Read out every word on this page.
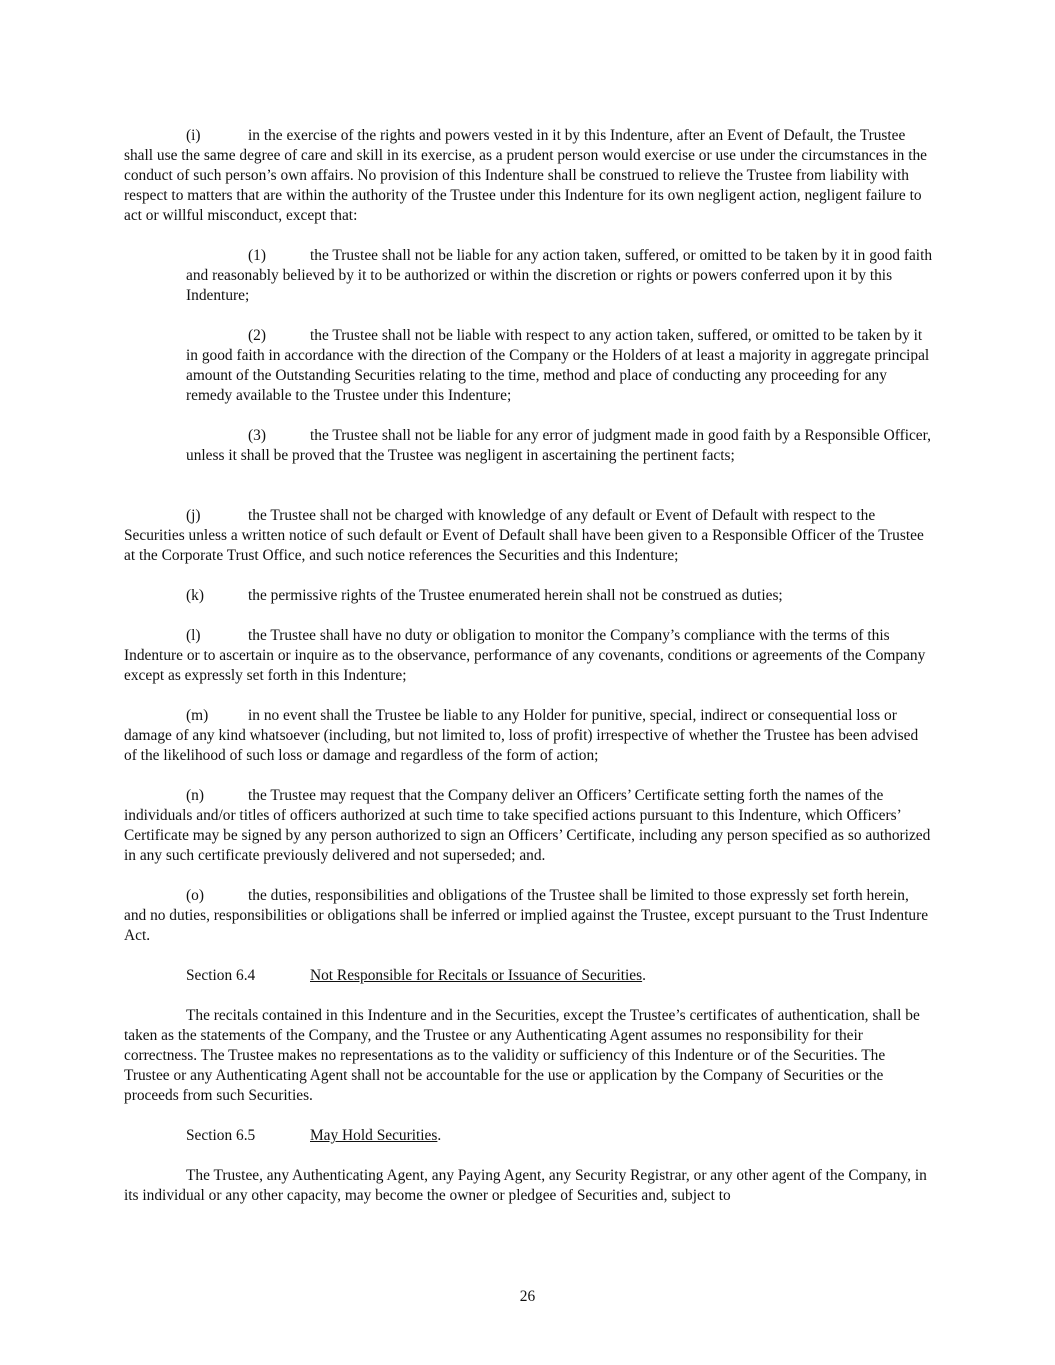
(i)	in the exercise of the rights and powers vested in it by this Indenture, after an Event of Default, the Trustee shall use the same degree of care and skill in its exercise, as a prudent person would exercise or use under the circumstances in the conduct of such person’s own affairs. No provision of this Indenture shall be construed to relieve the Trustee from liability with respect to matters that are within the authority of the Trustee under this Indenture for its own negligent action, negligent failure to act or willful misconduct, except that:

(1)	the Trustee shall not be liable for any action taken, suffered, or omitted to be taken by it in good faith and reasonably believed by it to be authorized or within the discretion or rights or powers conferred upon it by this Indenture;

(2)	the Trustee shall not be liable with respect to any action taken, suffered, or omitted to be taken by it in good faith in accordance with the direction of the Company or the Holders of at least a majority in aggregate principal amount of the Outstanding Securities relating to the time, method and place of conducting any proceeding for any remedy available to the Trustee under this Indenture;

(3)	the Trustee shall not be liable for any error of judgment made in good faith by a Responsible Officer, unless it shall be proved that the Trustee was negligent in ascertaining the pertinent facts;

(j)	the Trustee shall not be charged with knowledge of any default or Event of Default with respect to the Securities unless a written notice of such default or Event of Default shall have been given to a Responsible Officer of the Trustee at the Corporate Trust Office, and such notice references the Securities and this Indenture;

(k)	the permissive rights of the Trustee enumerated herein shall not be construed as duties;

(l)	the Trustee shall have no duty or obligation to monitor the Company’s compliance with the terms of this Indenture or to ascertain or inquire as to the observance, performance of any covenants, conditions or agreements of the Company except as expressly set forth in this Indenture;

(m)	in no event shall the Trustee be liable to any Holder for punitive, special, indirect or consequential loss or damage of any kind whatsoever (including, but not limited to, loss of profit) irrespective of whether the Trustee has been advised of the likelihood of such loss or damage and regardless of the form of action;

(n)	the Trustee may request that the Company deliver an Officers’ Certificate setting forth the names of the individuals and/or titles of officers authorized at such time to take specified actions pursuant to this Indenture, which Officers’ Certificate may be signed by any person authorized to sign an Officers’ Certificate, including any person specified as so authorized in any such certificate previously delivered and not superseded; and.

(o)	the duties, responsibilities and obligations of the Trustee shall be limited to those expressly set forth herein, and no duties, responsibilities or obligations shall be inferred or implied against the Trustee, except pursuant to the Trust Indenture Act.

Section 6.4	Not Responsible for Recitals or Issuance of Securities.

The recitals contained in this Indenture and in the Securities, except the Trustee’s certificates of authentication, shall be taken as the statements of the Company, and the Trustee or any Authenticating Agent assumes no responsibility for their correctness. The Trustee makes no representations as to the validity or sufficiency of this Indenture or of the Securities. The Trustee or any Authenticating Agent shall not be accountable for the use or application by the Company of Securities or the proceeds from such Securities.

Section 6.5	May Hold Securities.

The Trustee, any Authenticating Agent, any Paying Agent, any Security Registrar, or any other agent of the Company, in its individual or any other capacity, may become the owner or pledgee of Securities and, subject to

26
